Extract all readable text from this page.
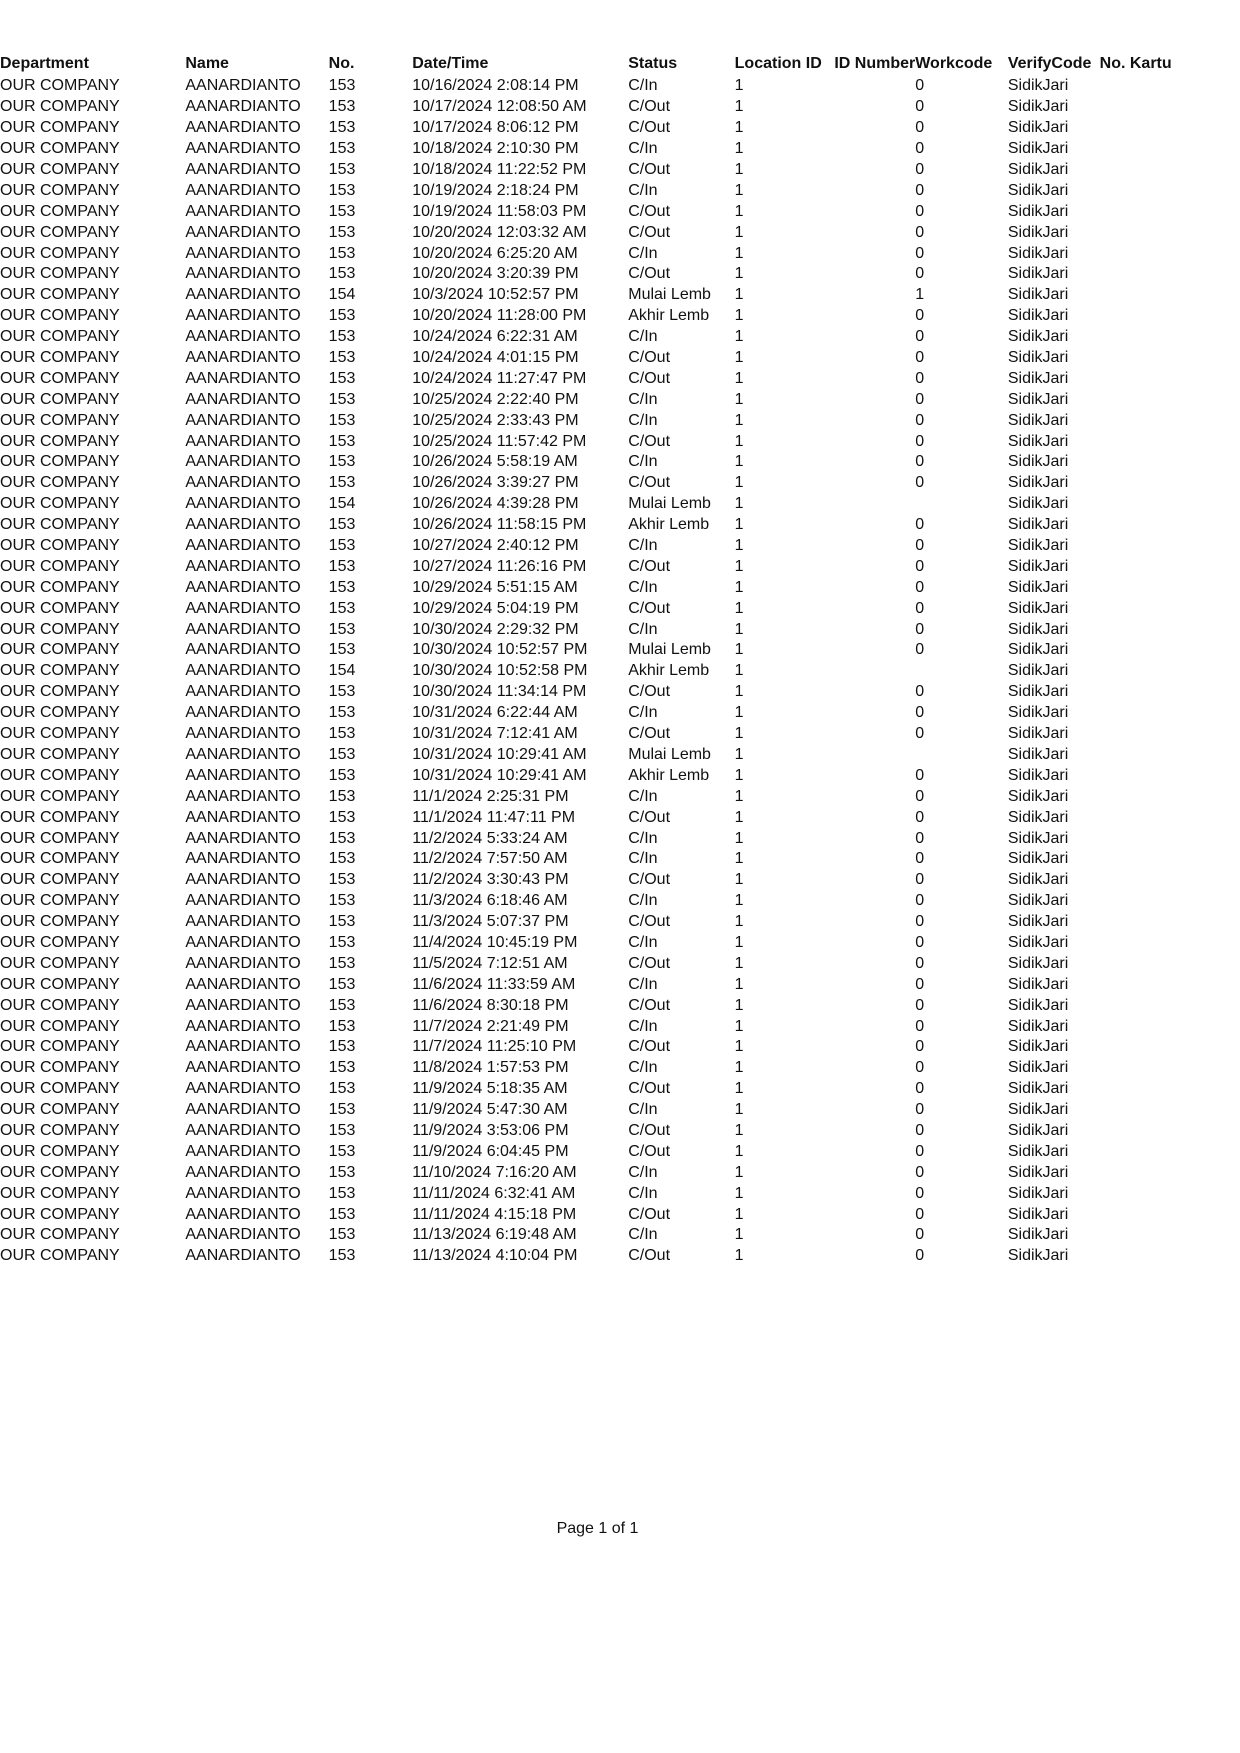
Department	Name	No.	Date/Time	Status	Location ID	ID Number	Workcode	VerifyCode	No. Kartu
OUR COMPANY	AANARDIANTO	153	10/16/2024 2:08:14 PM	C/In	1		0	SidikJari	
OUR COMPANY	AANARDIANTO	153	10/17/2024 12:08:50 AM	C/Out	1		0	SidikJari	
OUR COMPANY	AANARDIANTO	153	10/17/2024 8:06:12 PM	C/Out	1		0	SidikJari	
OUR COMPANY	AANARDIANTO	153	10/18/2024 2:10:30 PM	C/In	1		0	SidikJari	
OUR COMPANY	AANARDIANTO	153	10/18/2024 11:22:52 PM	C/Out	1		0	SidikJari	
OUR COMPANY	AANARDIANTO	153	10/19/2024 2:18:24 PM	C/In	1		0	SidikJari	
OUR COMPANY	AANARDIANTO	153	10/19/2024 11:58:03 PM	C/Out	1		0	SidikJari	
OUR COMPANY	AANARDIANTO	153	10/20/2024 12:03:32 AM	C/Out	1		0	SidikJari	
OUR COMPANY	AANARDIANTO	153	10/20/2024 6:25:20 AM	C/In	1		0	SidikJari	
OUR COMPANY	AANARDIANTO	153	10/20/2024 3:20:39 PM	C/Out	1		0	SidikJari	
OUR COMPANY	AANARDIANTO	154	10/3/2024 10:52:57 PM	Mulai Lemb	1		1	SidikJari	
OUR COMPANY	AANARDIANTO	153	10/20/2024 11:28:00 PM	Akhir Lemb	1		0	SidikJari	
OUR COMPANY	AANARDIANTO	153	10/24/2024 6:22:31 AM	C/In	1		0	SidikJari	
OUR COMPANY	AANARDIANTO	153	10/24/2024 4:01:15 PM	C/Out	1		0	SidikJari	
OUR COMPANY	AANARDIANTO	153	10/24/2024 11:27:47 PM	C/Out	1		0	SidikJari	
OUR COMPANY	AANARDIANTO	153	10/25/2024 2:22:40 PM	C/In	1		0	SidikJari	
OUR COMPANY	AANARDIANTO	153	10/25/2024 2:33:43 PM	C/In	1		0	SidikJari	
OUR COMPANY	AANARDIANTO	153	10/25/2024 11:57:42 PM	C/Out	1		0	SidikJari	
OUR COMPANY	AANARDIANTO	153	10/26/2024 5:58:19 AM	C/In	1		0	SidikJari	
OUR COMPANY	AANARDIANTO	153	10/26/2024 3:39:27 PM	C/Out	1		0	SidikJari	
OUR COMPANY	AANARDIANTO	154	10/26/2024 4:39:28 PM	Mulai Lemb	1			SidikJari	
OUR COMPANY	AANARDIANTO	153	10/26/2024 11:58:15 PM	Akhir Lemb	1		0	SidikJari	
OUR COMPANY	AANARDIANTO	153	10/27/2024 2:40:12 PM	C/In	1		0	SidikJari	
OUR COMPANY	AANARDIANTO	153	10/27/2024 11:26:16 PM	C/Out	1		0	SidikJari	
OUR COMPANY	AANARDIANTO	153	10/29/2024 5:51:15 AM	C/In	1		0	SidikJari	
OUR COMPANY	AANARDIANTO	153	10/29/2024 5:04:19 PM	C/Out	1		0	SidikJari	
OUR COMPANY	AANARDIANTO	153	10/30/2024 2:29:32 PM	C/In	1		0	SidikJari	
OUR COMPANY	AANARDIANTO	153	10/30/2024 10:52:57 PM	Mulai Lemb	1		0	SidikJari	
OUR COMPANY	AANARDIANTO	154	10/30/2024 10:52:58 PM	Akhir Lemb	1			SidikJari	
OUR COMPANY	AANARDIANTO	153	10/30/2024 11:34:14 PM	C/Out	1		0	SidikJari	
OUR COMPANY	AANARDIANTO	153	10/31/2024 6:22:44 AM	C/In	1		0	SidikJari	
OUR COMPANY	AANARDIANTO	153	10/31/2024 7:12:41 AM	C/Out	1		0	SidikJari	
OUR COMPANY	AANARDIANTO	153	10/31/2024 10:29:41 AM	Mulai Lemb	1			SidikJari	
OUR COMPANY	AANARDIANTO	153	10/31/2024 10:29:41 AM	Akhir Lemb	1		0	SidikJari	
OUR COMPANY	AANARDIANTO	153	11/1/2024 2:25:31 PM	C/In	1		0	SidikJari	
OUR COMPANY	AANARDIANTO	153	11/1/2024 11:47:11 PM	C/Out	1		0	SidikJari	
OUR COMPANY	AANARDIANTO	153	11/2/2024 5:33:24 AM	C/In	1		0	SidikJari	
OUR COMPANY	AANARDIANTO	153	11/2/2024 7:57:50 AM	C/In	1		0	SidikJari	
OUR COMPANY	AANARDIANTO	153	11/2/2024 3:30:43 PM	C/Out	1		0	SidikJari	
OUR COMPANY	AANARDIANTO	153	11/3/2024 6:18:46 AM	C/In	1		0	SidikJari	
OUR COMPANY	AANARDIANTO	153	11/3/2024 5:07:37 PM	C/Out	1		0	SidikJari	
OUR COMPANY	AANARDIANTO	153	11/4/2024 10:45:19 PM	C/In	1		0	SidikJari	
OUR COMPANY	AANARDIANTO	153	11/5/2024 7:12:51 AM	C/Out	1		0	SidikJari	
OUR COMPANY	AANARDIANTO	153	11/6/2024 11:33:59 AM	C/In	1		0	SidikJari	
OUR COMPANY	AANARDIANTO	153	11/6/2024 8:30:18 PM	C/Out	1		0	SidikJari	
OUR COMPANY	AANARDIANTO	153	11/7/2024 2:21:49 PM	C/In	1		0	SidikJari	
OUR COMPANY	AANARDIANTO	153	11/7/2024 11:25:10 PM	C/Out	1		0	SidikJari	
OUR COMPANY	AANARDIANTO	153	11/8/2024 1:57:53 PM	C/In	1		0	SidikJari	
OUR COMPANY	AANARDIANTO	153	11/9/2024 5:18:35 AM	C/Out	1		0	SidikJari	
OUR COMPANY	AANARDIANTO	153	11/9/2024 5:47:30 AM	C/In	1		0	SidikJari	
OUR COMPANY	AANARDIANTO	153	11/9/2024 3:53:06 PM	C/Out	1		0	SidikJari	
OUR COMPANY	AANARDIANTO	153	11/9/2024 6:04:45 PM	C/Out	1		0	SidikJari	
OUR COMPANY	AANARDIANTO	153	11/10/2024 7:16:20 AM	C/In	1		0	SidikJari	
OUR COMPANY	AANARDIANTO	153	11/11/2024 6:32:41 AM	C/In	1		0	SidikJari	
OUR COMPANY	AANARDIANTO	153	11/11/2024 4:15:18 PM	C/Out	1		0	SidikJari	
OUR COMPANY	AANARDIANTO	153	11/13/2024 6:19:48 AM	C/In	1		0	SidikJari	
OUR COMPANY	AANARDIANTO	153	11/13/2024 4:10:04 PM	C/Out	1		0	SidikJari	
Page 1 of 1
